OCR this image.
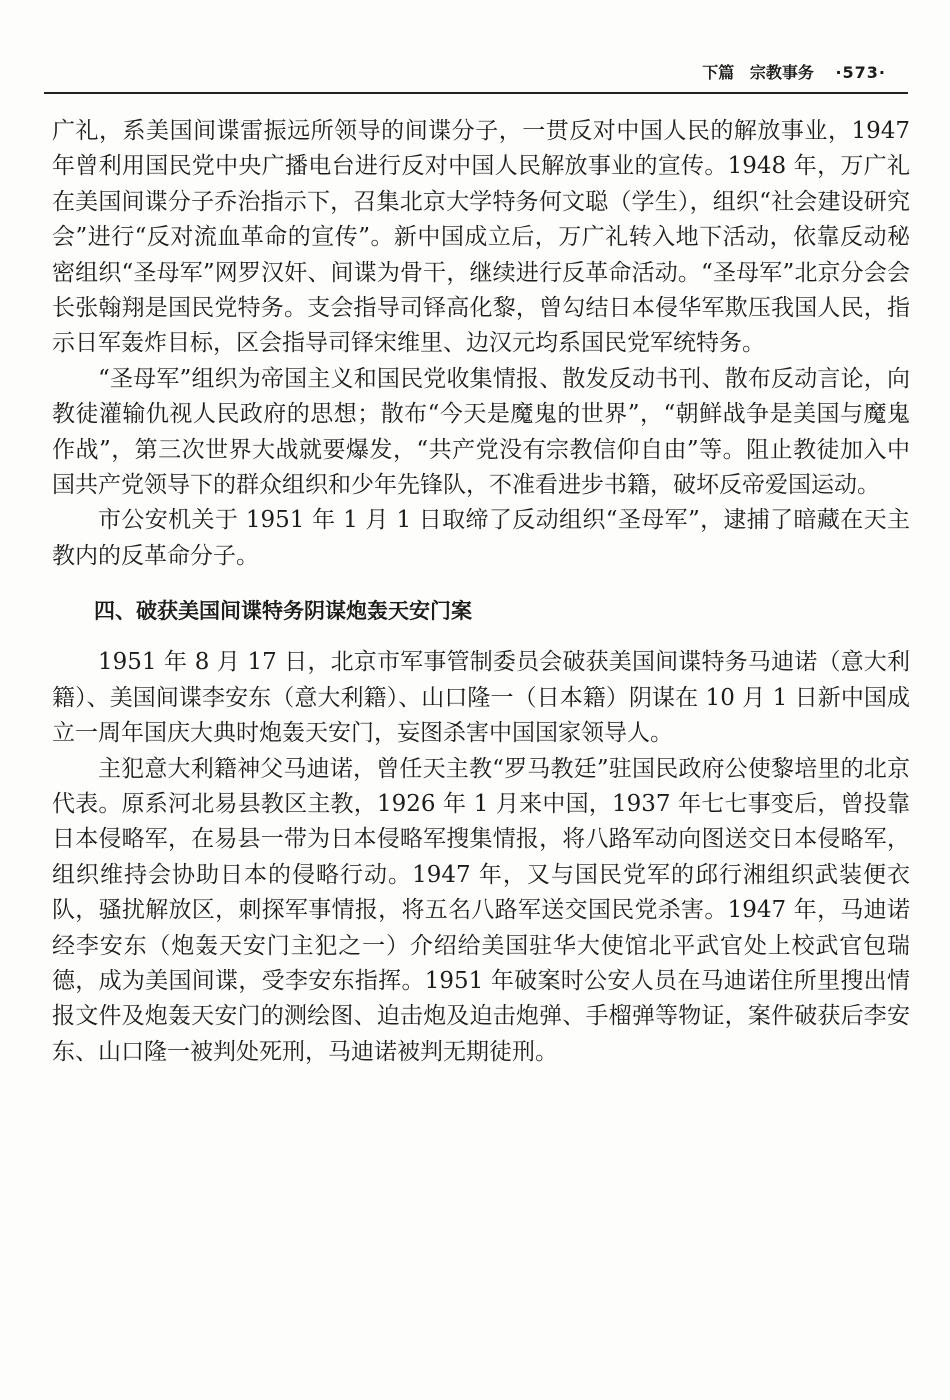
下篇 宗教事务 ·573·

广礼，系美国间谍雷振远所领导的间谍分子，一贯反对中国人民的解放事业，1947 年曾利用国民党中央广播电台进行反对中国人民解放事业的宣传。1948 年，万广礼在美国间谍分子乔治指示下，召集北京大学特务何文聪（学生），组织“社会建设研究会”进行“反对流血革命的宣传”。新中国成立后，万广礼转入地下活动，依靠反动秘密组织“圣母军”网罗汉奸、间谍为骨干，继续进行反革命活动。“圣母军”北京分会会长张翰翔是国民党特务。支会指导司铎高化黎，曾勾结日本侵华军欺压我国人民，指示日军轰炸目标，区会指导司铎宋维里、边汉元均系国民党军统特务。

“圣母军”组织为帝国主义和国民党收集情报、散发反动书刊、散布反动言论，向教徒灌输仇视人民政府的思想；散布“今天是魔鬼的世界”，“朝鲜战争是美国与魔鬼作战”，第三次世界大战就要爆发，“共产党没有宗教信仰自由”等。阻止教徒加入中国共产党领导下的群众组织和少年先锋队，不准看进步书籍，破坏反帝爱国运动。

市公安机关于 1951 年 1 月 1 日取缔了反动组织“圣母军”，逮捕了暗藏在天主教内的反革命分子。

四、破获美国间谍特务阴谋炮轰天安门案

1951 年 8 月 17 日，北京市军事管制委员会破获美国间谍特务马迪诺（意大利籍）、美国间谍李安东（意大利籍）、山口隆一（日本籍）阴谋在 10 月 1 日新中国成立一周年国庆大典时炮轰天安门，妄图杀害中国国家领导人。

主犯意大利籍神父马迪诺，曾任天主教“罗马教廷”驻国民政府公使黎培里的北京代表。原系河北易县教区主教，1926 年 1 月来中国，1937 年七七事变后，曾投靠日本侵略军，在易县一带为日本侵略军搜集情报，将八路军动向图送交日本侵略军，组织维持会协助日本的侵略行动。1947 年，又与国民党军的邱行湘组织武装便衣队，骚扰解放区，刺探军事情报，将五名八路军送交国民党杀害。1947 年，马迪诺经李安东（炮轰天安门主犯之一）介绍给美国驻华大使馆北平武官处上校武官包瑞德，成为美国间谍，受李安东指挥。1951 年破案时公安人员在马迪诺住所里搜出情报文件及炮轰天安门的测绘图、迫击炮及迫击炮弹、手榴弹等物证，案件破获后李安东、山口隆一被判处死刑，马迪诺被判无期徒刑。
